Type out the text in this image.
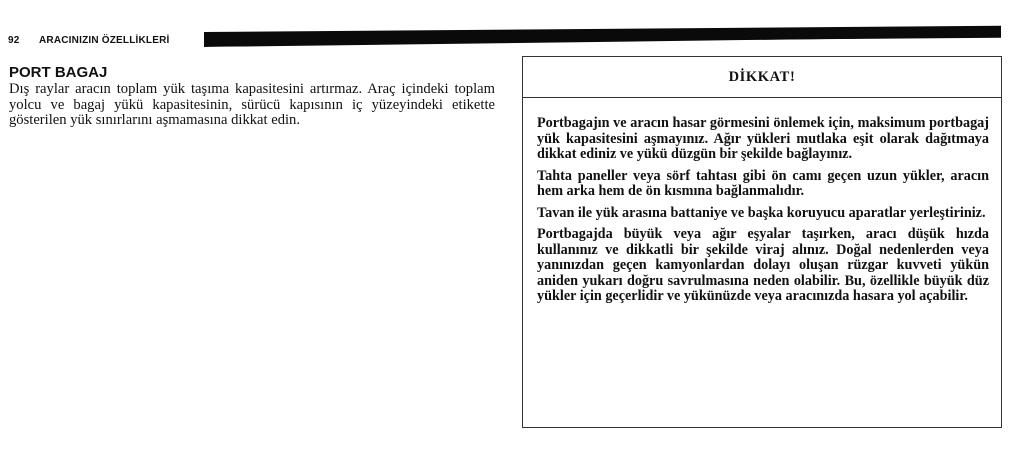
92 ARACINIZIN ÖZELLİKLERİ
PORT BAGAJ

Dış raylar aracın toplam yük taşıma kapasitesini artırmaz. Araç içindeki toplam yolcu ve bagaj yükü kapasitesinin, sürücü kapısının iç yüzeyindeki etikette gösterilen yük sınırlarını aşmamasına dikkat edin.

DİKKAT!

Portbagajın ve aracın hasar görmesini önlemek için, maksimum portbagaj yük kapasitesini aşmayınız. Ağır yükleri mutlaka eşit olarak dağıtmaya dikkat ediniz ve yükü düzgün bir şekilde bağlayınız.

Tahta paneller veya sörf tahtası gibi ön camı geçen uzun yükler, aracın hem arka hem de ön kısmına bağlanmalıdır.

Tavan ile yük arasına battaniye ve başka koruyucu aparatlar yerleştiriniz.

Portbagajda büyük veya ağır eşyalar taşırken, aracı düşük hızda kullanınız ve dikkatli bir şekilde viraj alınız. Doğal nedenlerden veya yanınızdan geçen kamyonlardan dolayı oluşan rüzgar kuvveti yükün aniden yukarı doğru savrulmasına neden olabilir. Bu, özellikle büyük düz yükler için geçerlidir ve yükünüzde veya aracınızda hasara yol açabilir.
